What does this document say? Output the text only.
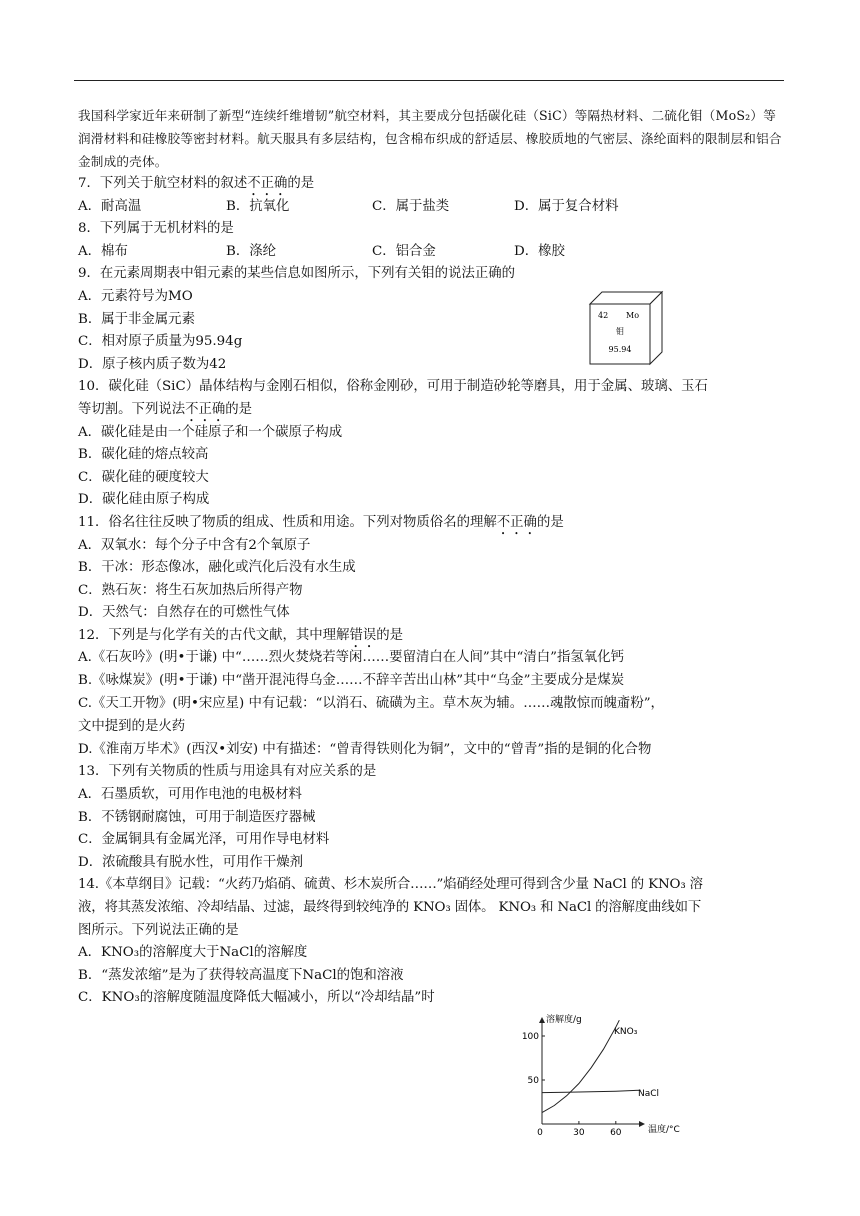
我国科学家近年来研制了新型“连续纤维增韧”航空材料，其主要成分包括碳化硅（SiC）等隔热材料、二硫化钼（MoS₂）等润滑材料和硅橡胶等密封材料。航天服具有多层结构，包含棉布织成的舒适层、橡胶质地的气密层、涤纶面料的限制层和铝合金制成的壳体。

7．下列关于航空材料的叙述不正确的是
A．耐高温	B．抗氧化	C．属于盐类	D．属于复合材料
8．下列属于无机材料的是
A．棉布	B．涤纶	C．铝合金	D．橡胶
9．在元素周期表中钼元素的某些信息如图所示，下列有关钼的说法正确的
A．元素符号为MO
B．属于非金属元素
C．相对原子质量为95.94g
D．原子核内质子数为42
10．碳化硅（SiC）晶体结构与金刚石相似，俗称金刚砂，可用于制造砂轮等磨具，用于金属、玻璃、玉石
等切割。下列说法不正确的是
A．碳化硅是由一个硅原子和一个碳原子构成
B．碳化硅的熔点较高
C．碳化硅的硬度较大
D．碳化硅由原子构成
11．俗名往往反映了物质的组成、性质和用途。下列对物质俗名的理解不正确的是
A．双氧水：每个分子中含有2个氧原子
B．干冰：形态像冰，融化或汽化后没有水生成
C．熟石灰：将生石灰加热后所得产物
D．天然气：自然存在的可燃性气体
12．下列是与化学有关的古代文献，其中理解错误的是
A.《石灰吟》(明•于谦) 中“……烈火焚烧若等闲……要留清白在人间”其中“清白”指氢氧化钙
B.《咏煤炭》(明•于谦) 中“凿开混沌得乌金……不辞辛苦出山林”其中“乌金”主要成分是煤炭
C.《天工开物》(明•宋应星) 中有记载：“以消石、硫磺为主。草木灰为辅。……魂散惊而魄齑粉”，文中提到的是火药
D.《淮南万毕术》(西汉•刘安) 中有描述：“曾青得铁则化为铜”，文中的“曾青”指的是铜的化合物
13．下列有关物质的性质与用途具有对应关系的是
A．石墨质软，可用作电池的电极材料
B．不锈钢耐腐蚀，可用于制造医疗器械
C．金属铜具有金属光泽，可用作导电材料
D．浓硫酸具有脱水性，可用作干燥剂
14.《本草纲目》记载：“火药乃焰硝、硫黄、杉木炭所合……”焰硝经处理可得到含少量 NaCl 的 KNO₃ 溶
液，将其蒸发浓缩、冷却结晶、过滤，最终得到较纯净的 KNO₃ 固体。 KNO₃ 和 NaCl 的溶解度曲线如下
图所示。下列说法正确的是
A．KNO₃的溶解度大于NaCl的溶解度
B．“蒸发浓缩”是为了获得较高温度下NaCl的饱和溶液
C．KNO₃的溶解度随温度降低大幅减小，所以“冷却结晶”时
42 Mo
钼
95.94
溶解度/g
温度/°C
0	30	60
50
100	KNO₃
NaCl
